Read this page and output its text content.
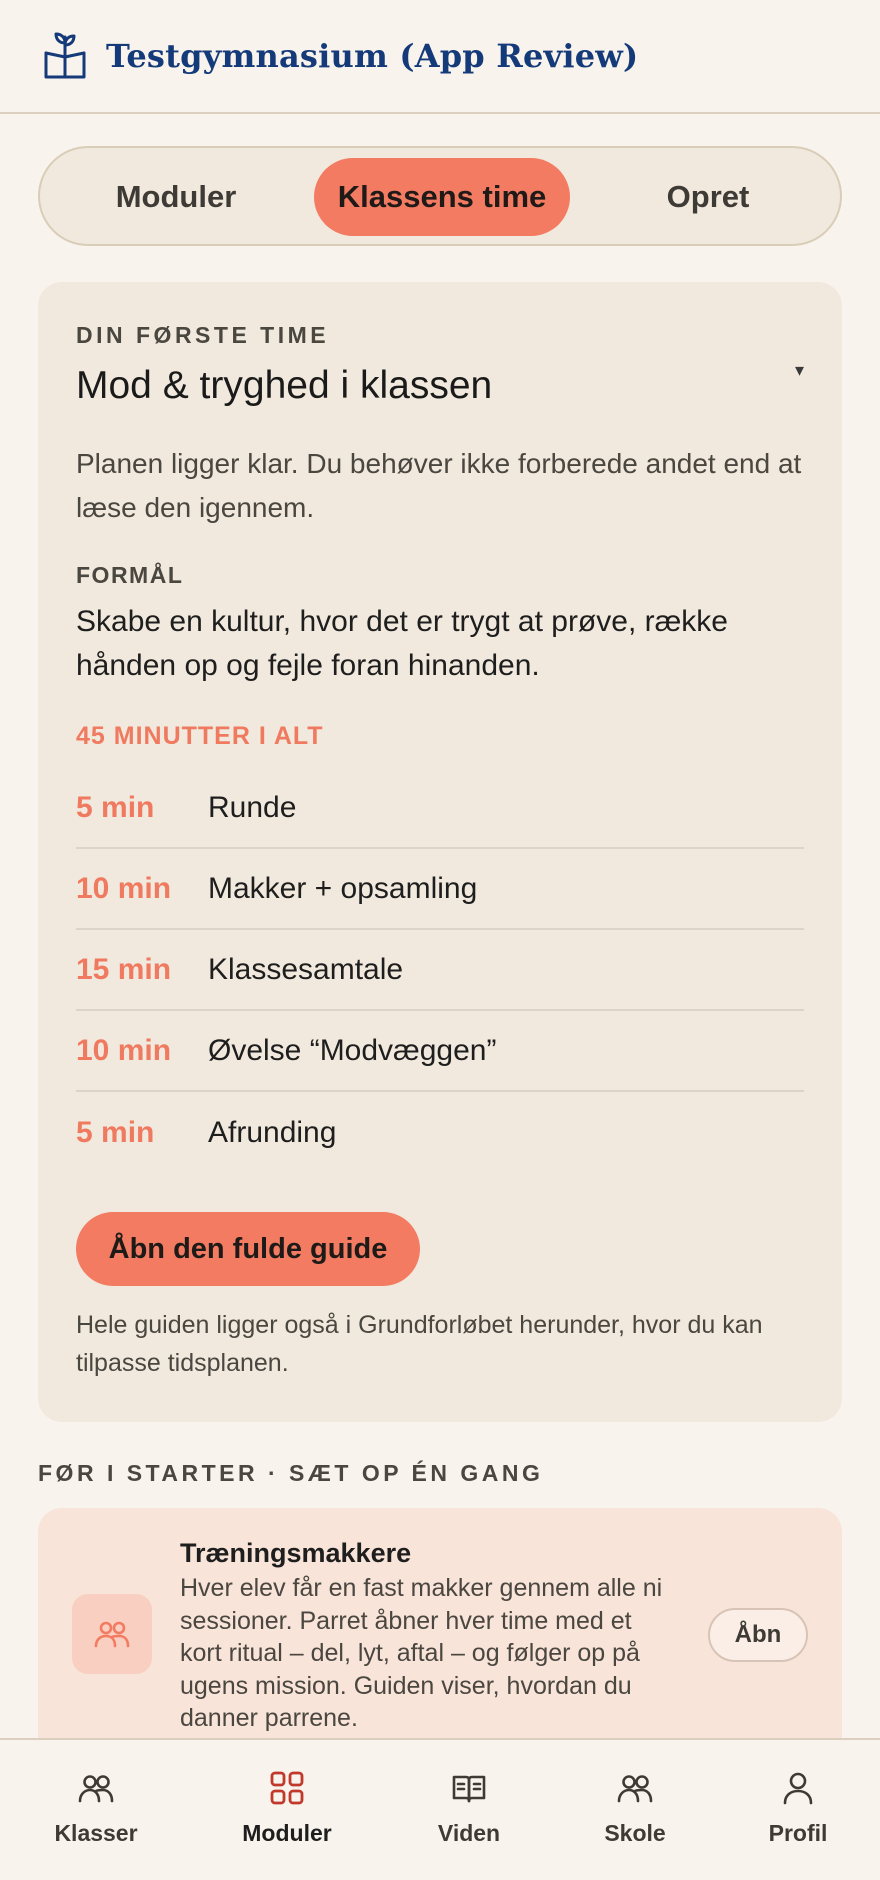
Testgymnasium (App Review)
Moduler	Klassens time	Opret
DIN FØRSTE TIME
Mod & tryghed i klassen	▾
Planen ligger klar. Du behøver ikke forberede andet end at læse den igennem.
FORMÅL
Skabe en kultur, hvor det er trygt at prøve, række hånden op og fejle foran hinanden.
45 MINUTTER I ALT
5 min	Runde
10 min	Makker + opsamling
15 min	Klassesamtale
10 min	Øvelse “Modvæggen”
5 min	Afrunding
Åbn den fulde guide
Hele guiden ligger også i Grundforløbet herunder, hvor du kan tilpasse tidsplanen.
FØR I STARTER · SÆT OP ÉN GANG
Træningsmakkere
Hver elev får en fast makker gennem alle ni sessioner. Parret åbner hver time med et kort ritual – del, lyt, aftal – og følger op på ugens mission. Guiden viser, hvordan du danner parrene.
Åbn
Klasser	Moduler	Viden	Skole	Profil
